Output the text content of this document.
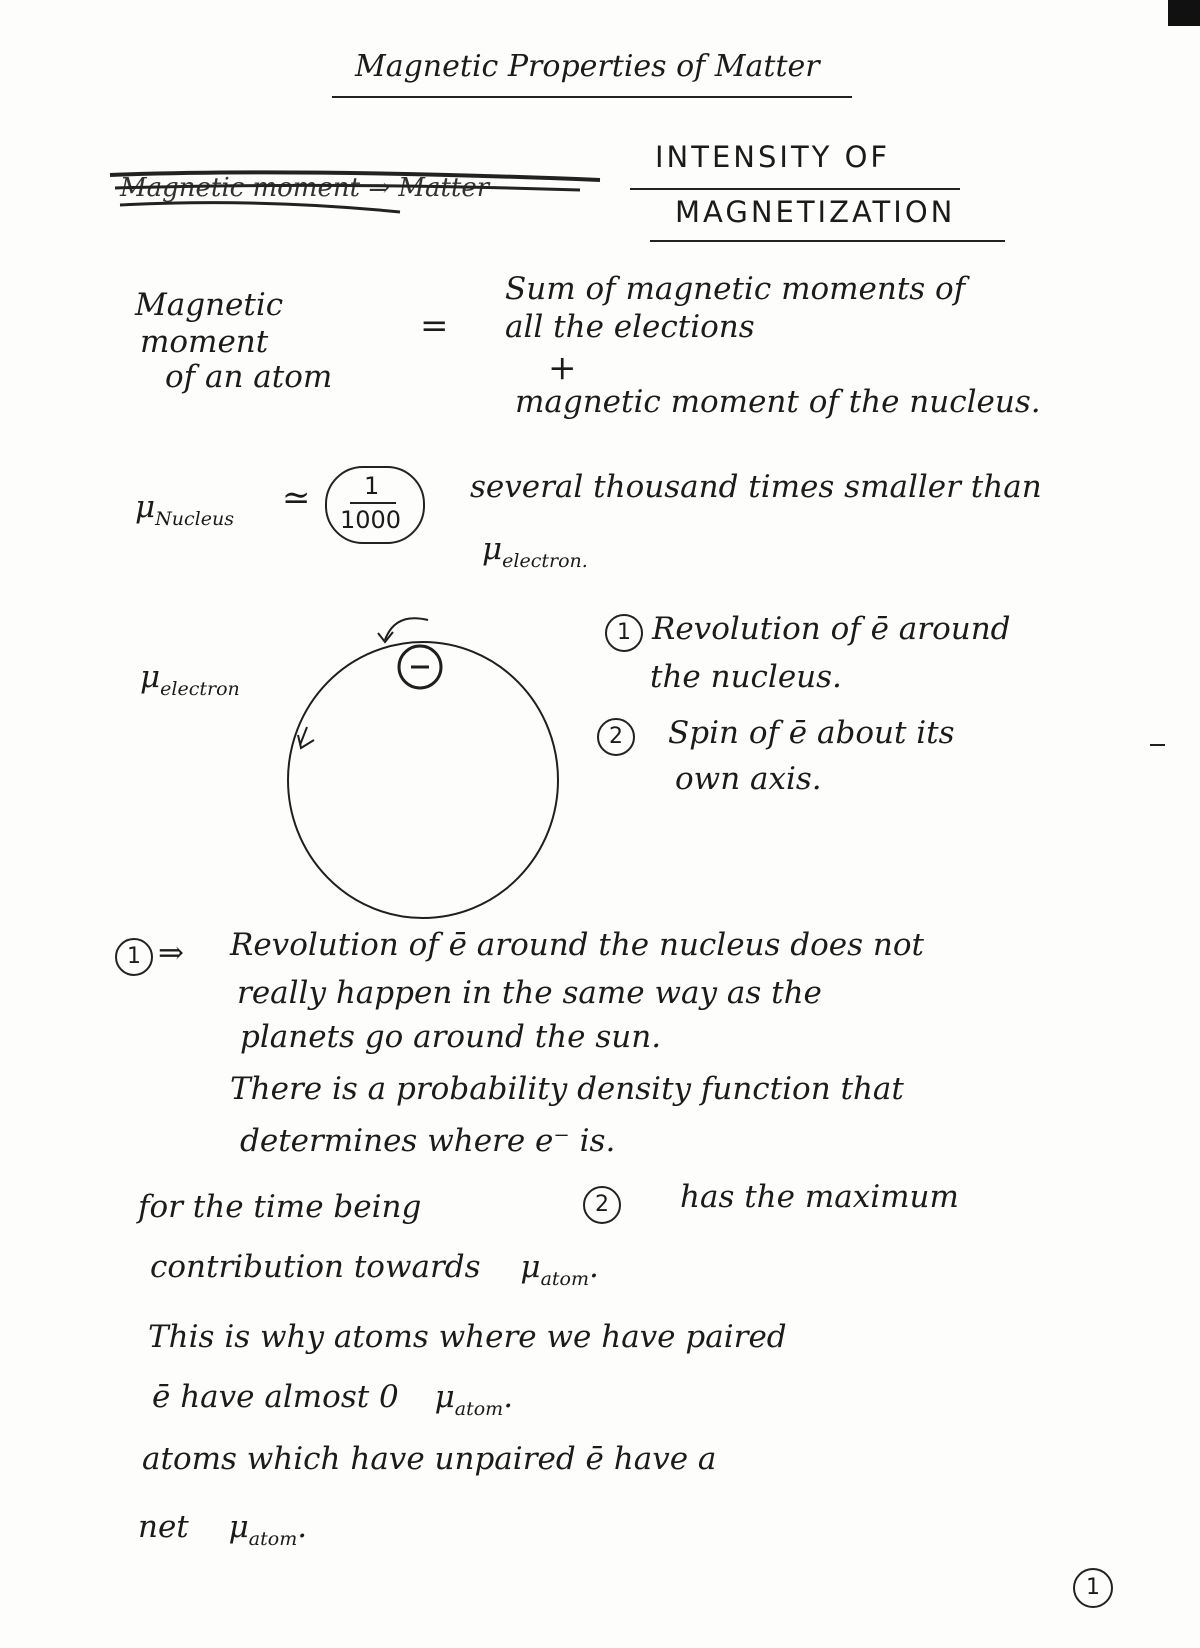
Magnetic Properties of Matter
Magnetic moment ⇒ Matter
INTENSITY OF
MAGNETIZATION
Magnetic
moment
of an atom
=
Sum of magnetic moments of
all the elections
+
magnetic moment of the nucleus.
$\mu_{Nucleus}$
≃ 1
1000
several thousand times smaller than
$\mu_{electron.}$
$\mu_{electron}$
1 Revolution of ē around
the nucleus.
2	Spin of ē about its
own axis.
1 ⇒ Revolution of ē around the nucleus does not
really happen in the same way as the
planets go around the sun.
There is a probability density function that
determines where e⁻ is.
for the time being	2	has the maximum
contribution towards $\mu_{atom}$.
This is why atoms where we have paired
ē have almost 0 $\mu_{atom}$.
atoms which have unpaired ē have a
net $\mu_{atom}$.
1
